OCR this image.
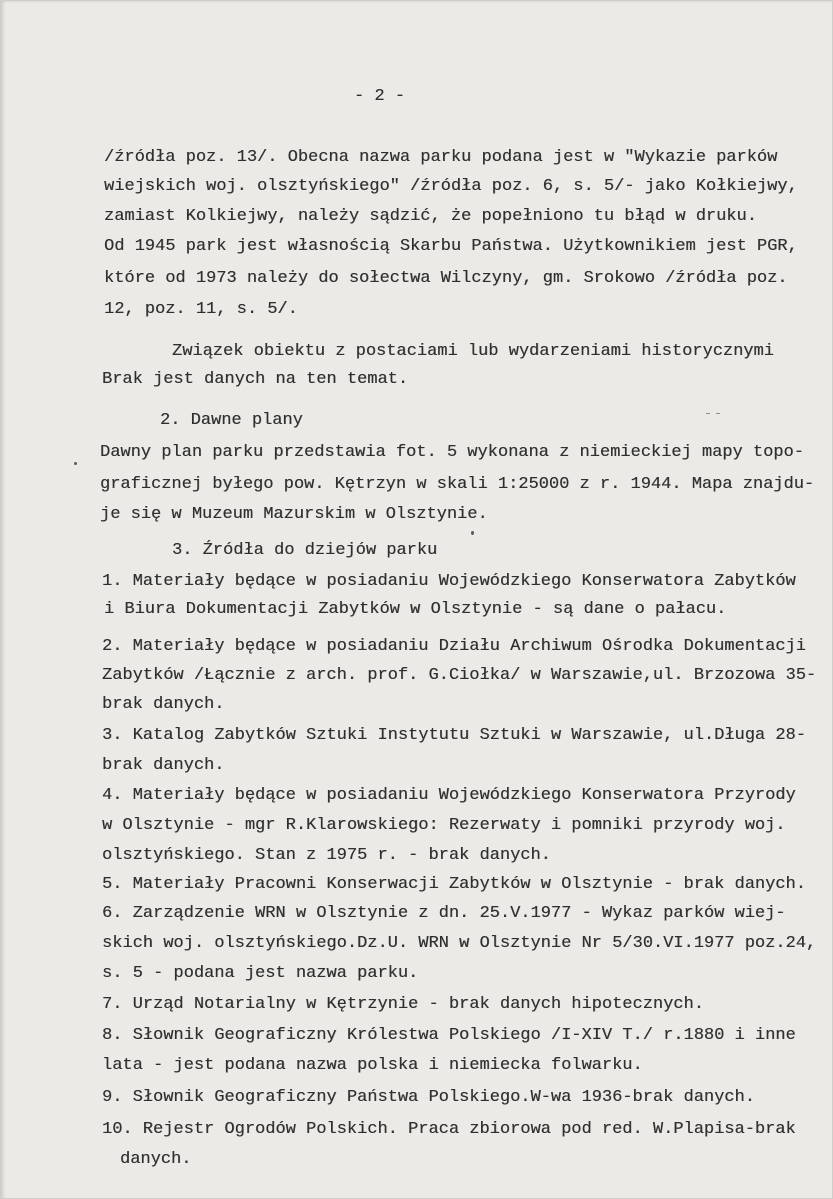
- 2 -
/źródła poz. 13/. Obecna nazwa parku podana jest w "Wykazie parków
wiejskich woj. olsztyńskiego" /źródła poz. 6, s. 5/- jako Kołkiejwy,
zamiast Kolkiejwy, należy sądzić, że popełniono tu błąd w druku.
Od 1945 park jest własnością Skarbu Państwa. Użytkownikiem jest PGR,
które od 1973 należy do sołectwa Wilczyny, gm. Srokowo /źródła poz.
12, poz. 11, s. 5/.
Związek obiektu z postaciami lub wydarzeniami historycznymi
Brak jest danych na ten temat.
2. Dawne plany
Dawny plan parku przedstawia fot. 5 wykonana z niemieckiej mapy topo-
graficznej byłego pow. Kętrzyn w skali 1:25000 z r. 1944. Mapa znajdu-
je się w Muzeum Mazurskim w Olsztynie.
3. Źródła do dziejów parku
1. Materiały będące w posiadaniu Wojewódzkiego Konserwatora Zabytków
i Biura Dokumentacji Zabytków w Olsztynie - są dane o pałacu.
2. Materiały będące w posiadaniu Działu Archiwum Ośrodka Dokumentacji
Zabytków /Łącznie z arch. prof. G.Ciołka/ w Warszawie,ul. Brzozowa 35-
brak danych.
3. Katalog Zabytków Sztuki Instytutu Sztuki w Warszawie, ul.Długa 28-
brak danych.
4. Materiały będące w posiadaniu Wojewódzkiego Konserwatora Przyrody
w Olsztynie - mgr R.Klarowskiego: Rezerwaty i pomniki przyrody woj.
olsztyńskiego. Stan z 1975 r. - brak danych.
5. Materiały Pracowni Konserwacji Zabytków w Olsztynie - brak danych.
6. Zarządzenie WRN w Olsztynie z dn. 25.V.1977 - Wykaz parków wiej-
skich woj. olsztyńskiego.Dz.U. WRN w Olsztynie Nr 5/30.VI.1977 poz.24,
s. 5 - podana jest nazwa parku.
7. Urząd Notarialny w Kętrzynie - brak danych hipotecznych.
8. Słownik Geograficzny Królestwa Polskiego /I-XIV T./ r.1880 i inne
lata - jest podana nazwa polska i niemiecka folwarku.
9. Słownik Geograficzny Państwa Polskiego.W-wa 1936-brak danych.
10. Rejestr Ogrodów Polskich. Praca zbiorowa pod red. W.Plapisa-brak
danych.
